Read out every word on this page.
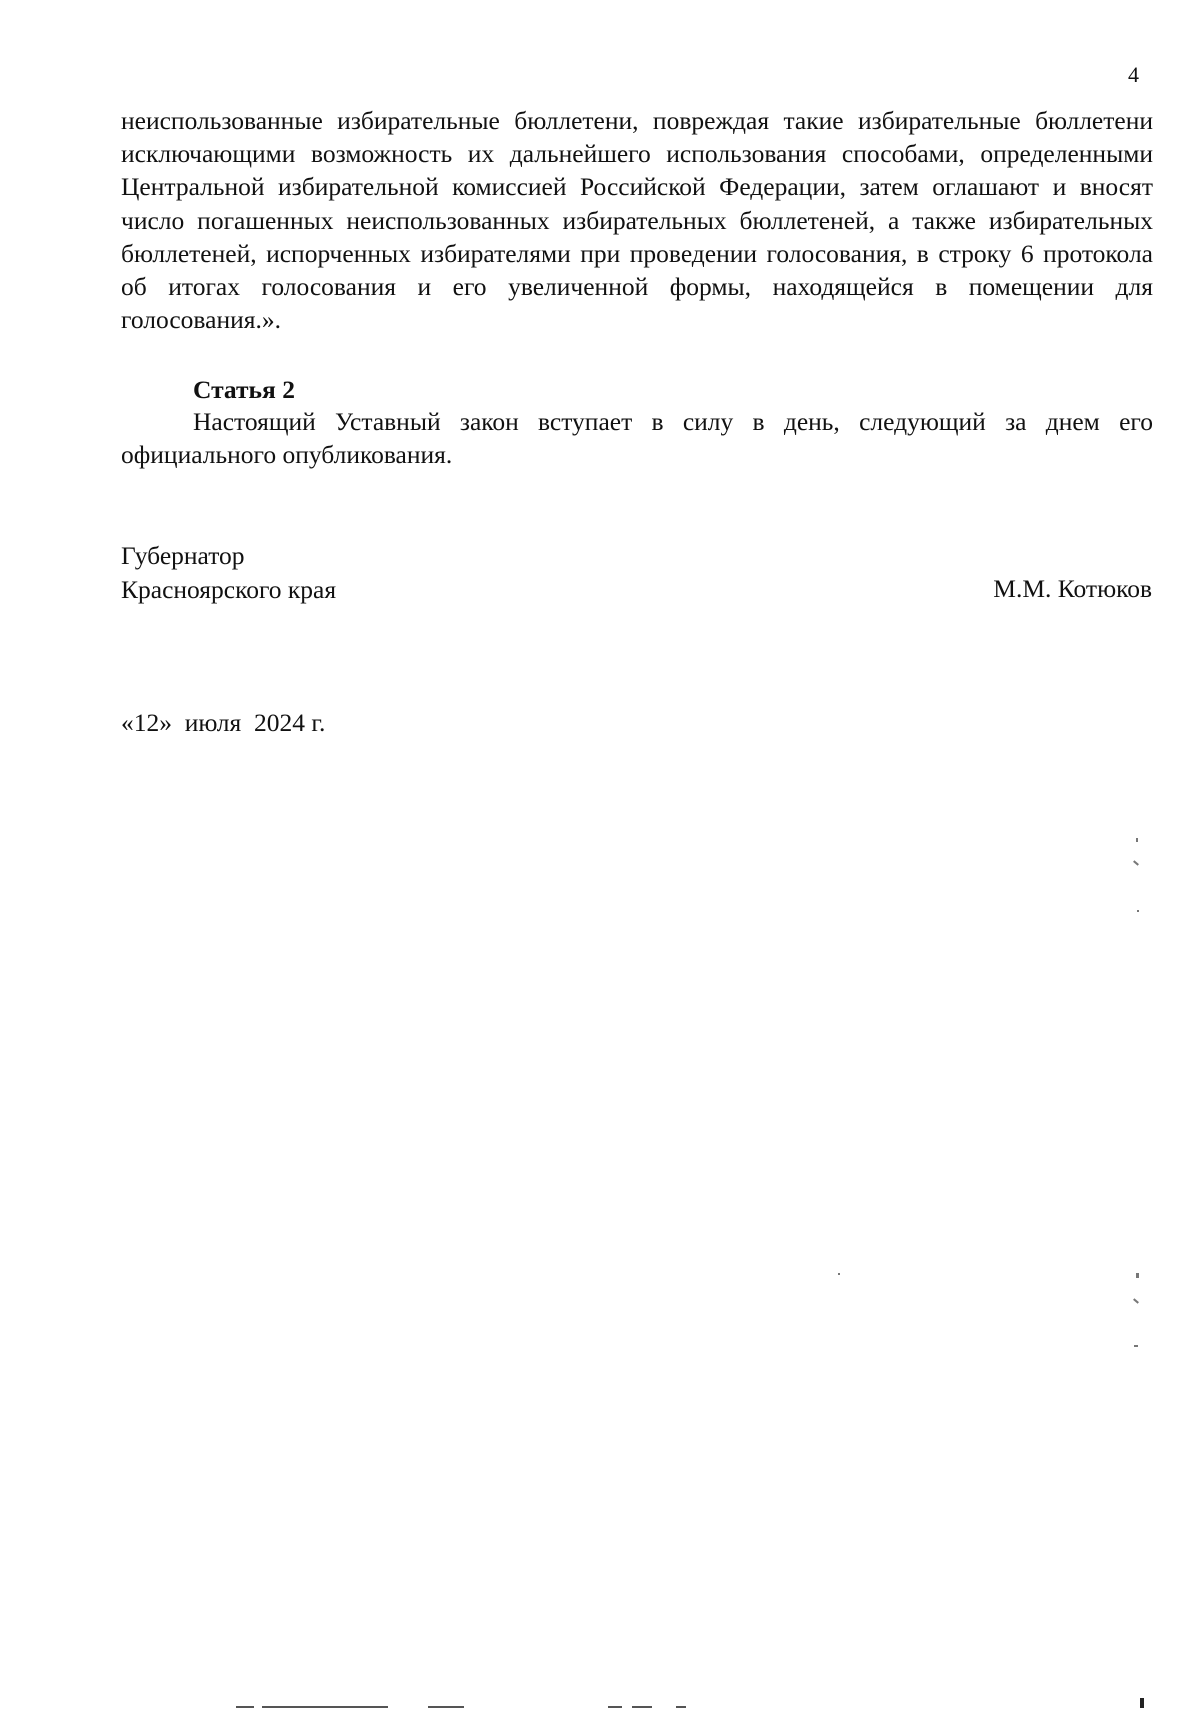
4
неиспользованные избирательные бюллетени, повреждая такие избирательные бюллетени исключающими возможность их дальнейшего использования способами, определенными Центральной избирательной комиссией Российской Федерации, затем оглашают и вносят число погашенных неиспользованных избирательных бюллетеней, а также избирательных бюллетеней, испорченных избирателями при проведении голосования, в строку 6 протокола об итогах голосования и его увеличенной формы, находящейся в помещении для голосования.».
Статья 2
Настоящий Уставный закон вступает в силу в день, следующий за днем его официального опубликования.
Губернатор
Красноярского края	М.М. Котюков
«12»  июля  2024 г.
